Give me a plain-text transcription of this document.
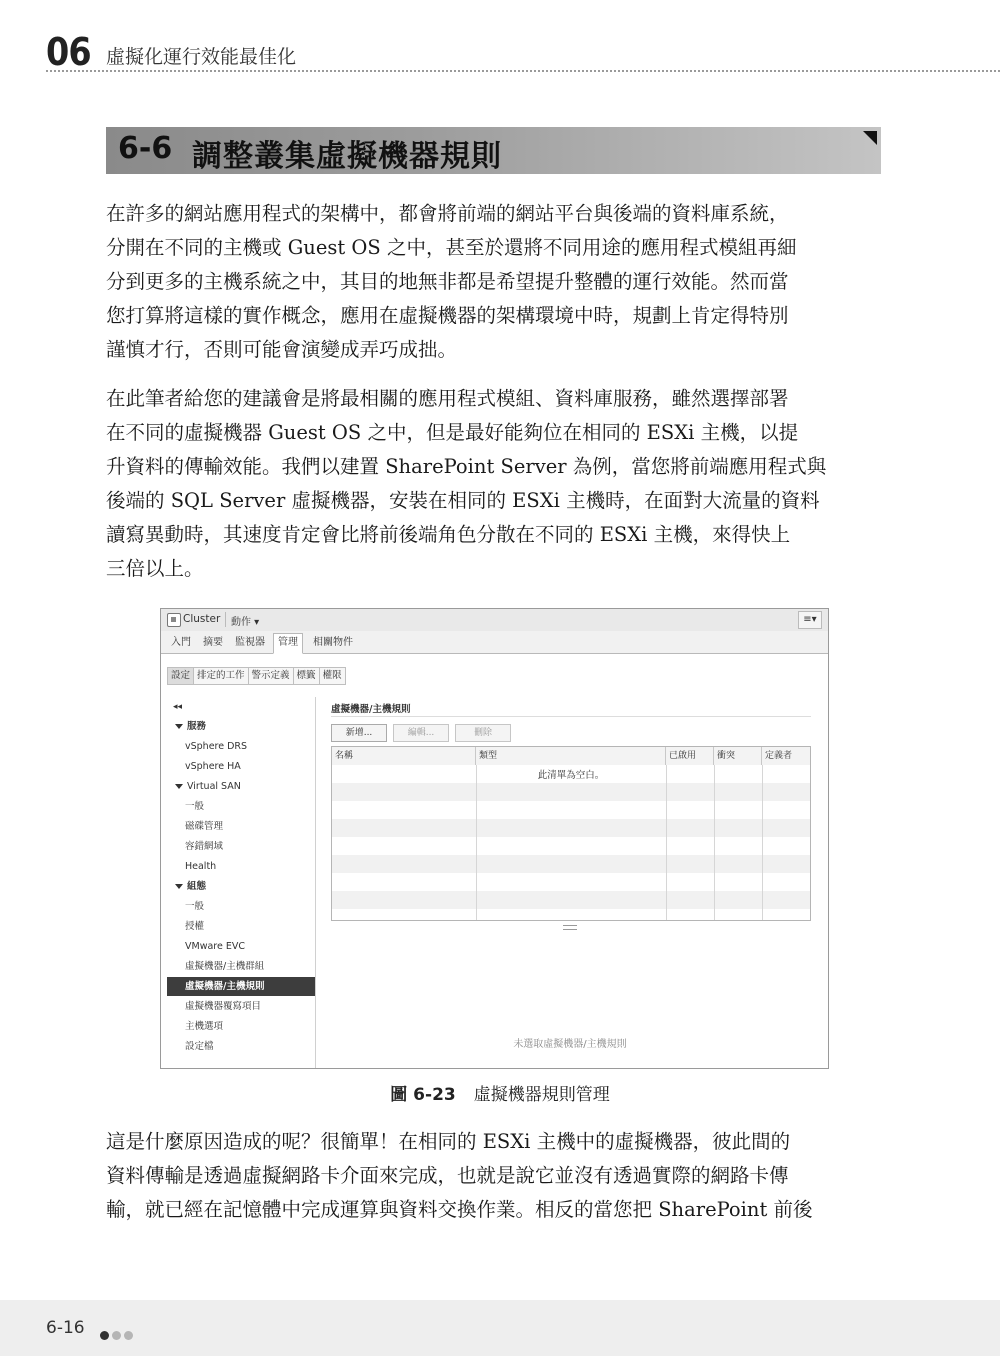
06 虛擬化運行效能最佳化
6-6 調整叢集虛擬機器規則

在許多的網站應用程式的架構中，都會將前端的網站平台與後端的資料庫系統，
分開在不同的主機或 Guest OS 之中，甚至於還將不同用途的應用程式模組再細
分到更多的主機系統之中，其目的地無非都是希望提升整體的運行效能。然而當
您打算將這樣的實作概念，應用在虛擬機器的架構環境中時，規劃上肯定得特別
謹慎才行，否則可能會演變成弄巧成拙。

在此筆者給您的建議會是將最相關的應用程式模組、資料庫服務，雖然選擇部署
在不同的虛擬機器 Guest OS 之中，但是最好能夠位在相同的 ESXi 主機，以提
升資料的傳輸效能。我們以建置 SharePoint Server 為例，當您將前端應用程式與
後端的 SQL Server 虛擬機器，安裝在相同的 ESXi 主機時，在面對大流量的資料
讀寫異動時，其速度肯定會比將前後端角色分散在不同的 ESXi 主機，來得快上
三倍以上。

Cluster 動作 ▾	≡▾
入門	摘要	監視器	管理	相關物件
設定 排定的工作 警示定義 標籤 權限
◂◂
服務
vSphere DRS
vSphere HA
Virtual SAN
一般
磁碟管理
容錯網域
Health
組態
一般
授權
VMware EVC
虛擬機器/主機群組
虛擬機器/主機規則
虛擬機器覆寫項目
主機選項
設定檔
虛擬機器/主機規則
新增...	編輯...	刪除
名稱	類型	已啟用	衝突	定義者
此清單為空白。
未選取虛擬機器/主機規則
圖 6-23 虛擬機器規則管理

這是什麼原因造成的呢？很簡單！在相同的 ESXi 主機中的虛擬機器，彼此間的
資料傳輸是透過虛擬網路卡介面來完成，也就是說它並沒有透過實際的網路卡傳
輸，就已經在記憶體中完成運算與資料交換作業。相反的當您把 SharePoint 前後

6-16
